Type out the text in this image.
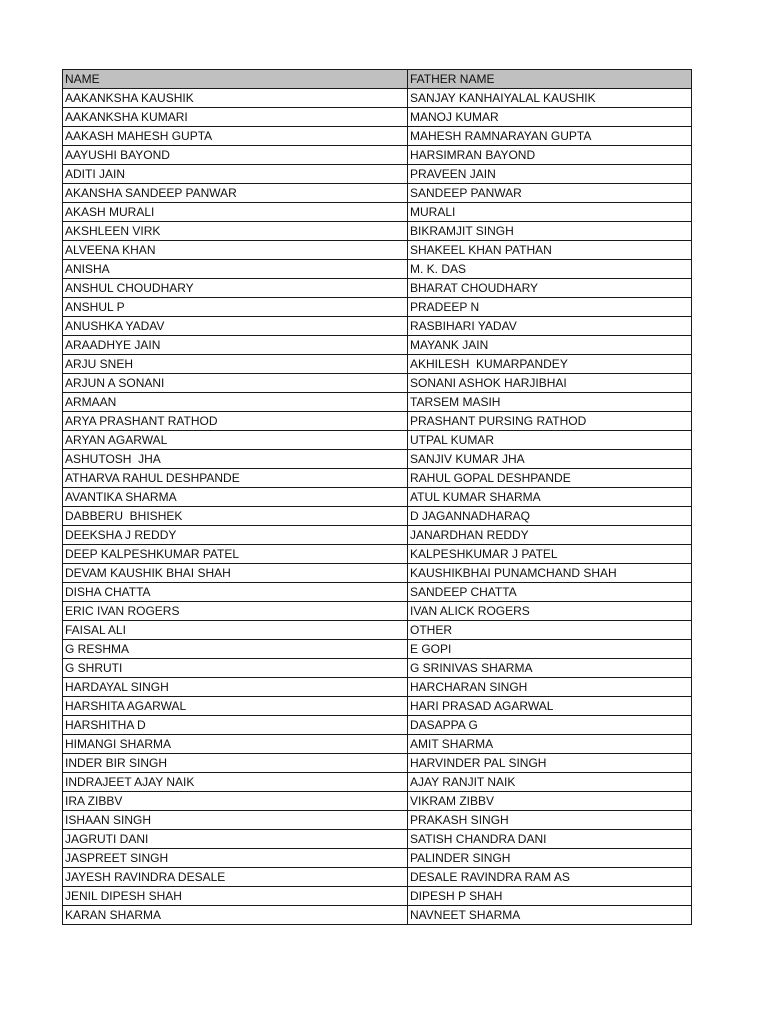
NAME	FATHER NAME
AAKANKSHA KAUSHIK	SANJAY KANHAIYALAL KAUSHIK
AAKANKSHA KUMARI	MANOJ KUMAR
AAKASH MAHESH GUPTA	MAHESH RAMNARAYAN GUPTA
AAYUSHI BAYOND	HARSIMRAN BAYOND
ADITI JAIN	PRAVEEN JAIN
AKANSHA SANDEEP PANWAR	SANDEEP PANWAR
AKASH MURALI	MURALI
AKSHLEEN VIRK	BIKRAMJIT SINGH
ALVEENA KHAN	SHAKEEL KHAN PATHAN
ANISHA	M. K. DAS
ANSHUL CHOUDHARY	BHARAT CHOUDHARY
ANSHUL P	PRADEEP N
ANUSHKA YADAV	RASBIHARI YADAV
ARAADHYE JAIN	MAYANK JAIN
ARJU SNEH	AKHILESH  KUMARPANDEY
ARJUN A SONANI	SONANI ASHOK HARJIBHAI
ARMAAN	TARSEM MASIH
ARYA PRASHANT RATHOD	PRASHANT PURSING RATHOD
ARYAN AGARWAL	UTPAL KUMAR
ASHUTOSH  JHA	SANJIV KUMAR JHA
ATHARVA RAHUL DESHPANDE	RAHUL GOPAL DESHPANDE
AVANTIKA SHARMA	ATUL KUMAR SHARMA
DABBERU  BHISHEK	D JAGANNADHARAQ
DEEKSHA J REDDY	JANARDHAN REDDY
DEEP KALPESHKUMAR PATEL	KALPESHKUMAR J PATEL
DEVAM KAUSHIK BHAI SHAH	KAUSHIKBHAI PUNAMCHAND SHAH
DISHA CHATTA	SANDEEP CHATTA
ERIC IVAN ROGERS	IVAN ALICK ROGERS
FAISAL ALI	OTHER
G RESHMA	E GOPI
G SHRUTI	G SRINIVAS SHARMA
HARDAYAL SINGH	HARCHARAN SINGH
HARSHITA AGARWAL	HARI PRASAD AGARWAL
HARSHITHA D	DASAPPA G
HIMANGI SHARMA	AMIT SHARMA
INDER BIR SINGH	HARVINDER PAL SINGH
INDRAJEET AJAY NAIK	AJAY RANJIT NAIK
IRA ZIBBV	VIKRAM ZIBBV
ISHAAN SINGH	PRAKASH SINGH
JAGRUTI DANI	SATISH CHANDRA DANI
JASPREET SINGH	PALINDER SINGH
JAYESH RAVINDRA DESALE	DESALE RAVINDRA RAM AS
JENIL DIPESH SHAH	DIPESH P SHAH
KARAN SHARMA	NAVNEET SHARMA
